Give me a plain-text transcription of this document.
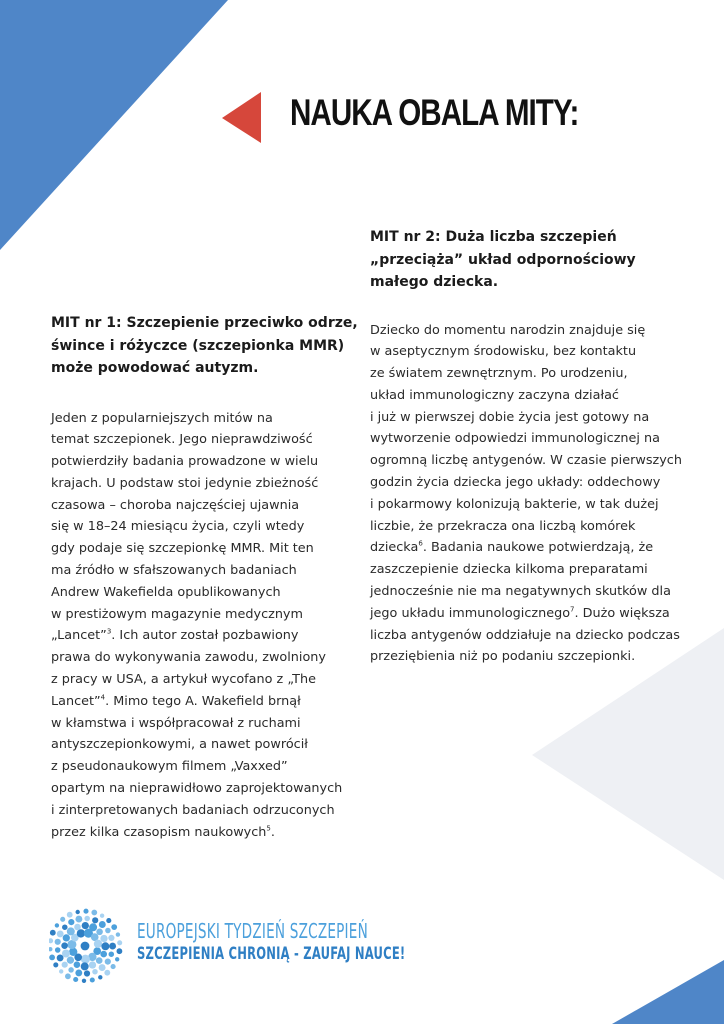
NAUKA OBALA MITY:
MIT nr 1: Szczepienie przeciwko odrze,
śwince i różyczce (szczepionka MMR)
może powodować autyzm.

Jeden z popularniejszych mitów na
temat szczepionek. Jego nieprawdziwość
potwierdziły badania prowadzone w wielu
krajach. U podstaw stoi jedynie zbieżność
czasowa – choroba najczęściej ujawnia
się w 18–24 miesiącu życia, czyli wtedy
gdy podaje się szczepionkę MMR. Mit ten
ma źródło w sfałszowanych badaniach
Andrew Wakefielda opublikowanych
w prestiżowym magazynie medycznym
„Lancet”$^3$. Ich autor został pozbawiony
prawa do wykonywania zawodu, zwolniony
z pracy w USA, a artykuł wycofano z „The
Lancet”$^4$. Mimo tego A. Wakefield brnął
w kłamstwa i współpracował z ruchami
antyszczepionkowymi, a nawet powrócił
z pseudonaukowym filmem „Vaxxed”
opartym na nieprawidłowo zaprojektowanych
i zinterpretowanych badaniach odrzuconych
przez kilka czasopism naukowych$^5$.

MIT nr 2: Duża liczba szczepień
„przeciąża” układ odpornościowy
małego dziecka.

Dziecko do momentu narodzin znajduje się
w aseptycznym środowisku, bez kontaktu
ze światem zewnętrznym. Po urodzeniu,
układ immunologiczny zaczyna działać
i już w pierwszej dobie życia jest gotowy na
wytworzenie odpowiedzi immunologicznej na
ogromną liczbę antygenów. W czasie pierwszych
godzin życia dziecka jego układy: oddechowy
i pokarmowy kolonizują bakterie, w tak dużej
liczbie, że przekracza ona liczbą komórek
dziecka$^6$. Badania naukowe potwierdzają, że
zaszczepienie dziecka kilkoma preparatami
jednocześnie nie ma negatywnych skutków dla
jego układu immunologicznego$^7$. Dużo większa
liczba antygenów oddziałuje na dziecko podczas
przeziębienia niż po podaniu szczepionki.

EUROPEJSKI TYDZIEŃ SZCZEPIEŃ
SZCZEPIENIA CHRONIĄ - ZAUFAJ NAUCE!
